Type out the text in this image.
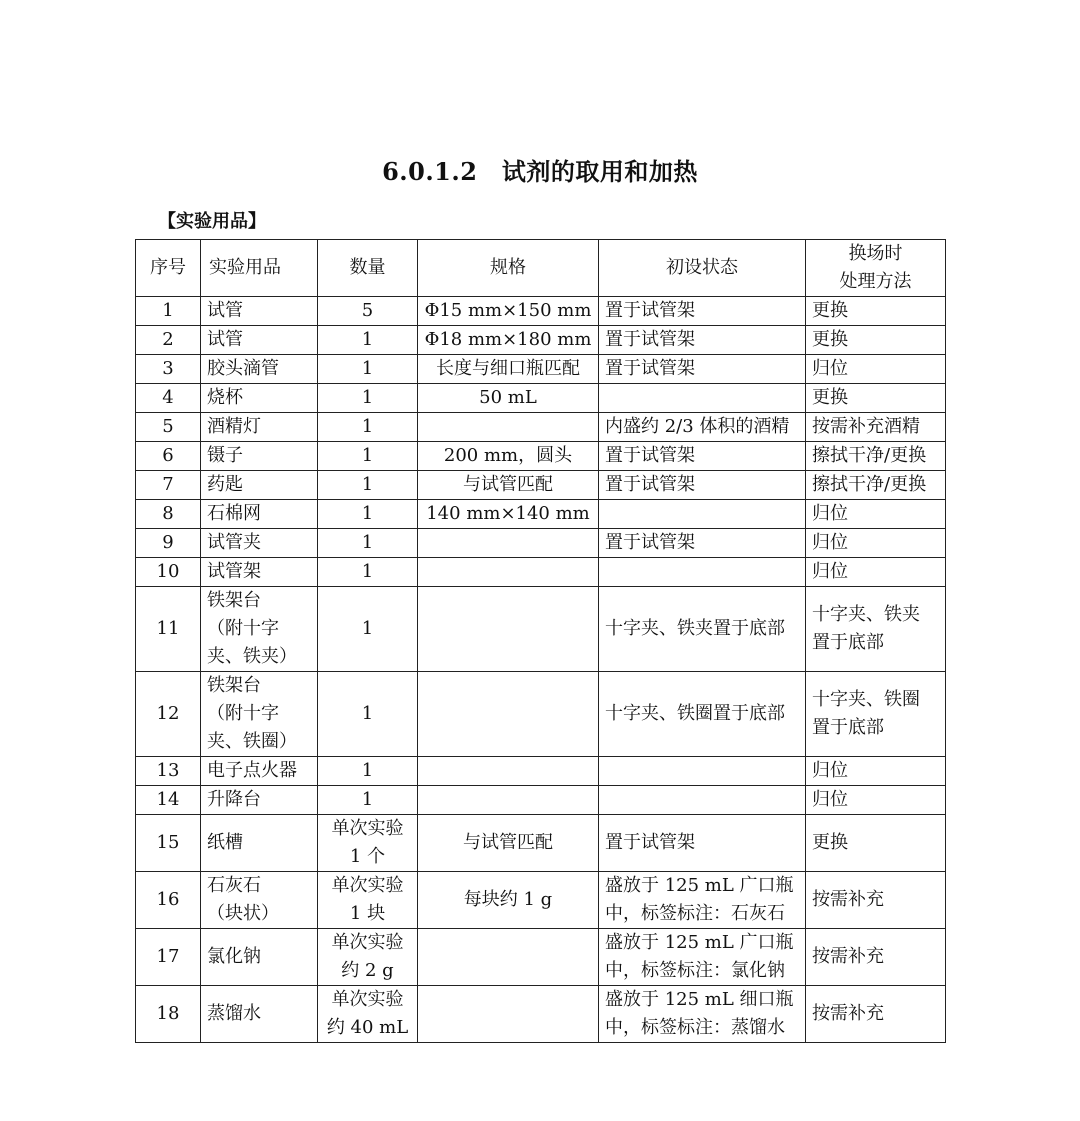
6.0.1.2　试剂的取用和加热
【实验用品】
序号	实验用品	数量	规格	初设状态	换场时
处理方法
1	试管	5	Φ15 mm×150 mm	置于试管架	更换
2	试管	1	Φ18 mm×180 mm	置于试管架	更换
3	胶头滴管	1	长度与细口瓶匹配	置于试管架	归位
4	烧杯	1	50 mL		更换
5	酒精灯	1		内盛约 2/3 体积的酒精	按需补充酒精
6	镊子	1	200 mm，圆头	置于试管架	擦拭干净/更换
7	药匙	1	与试管匹配	置于试管架	擦拭干净/更换
8	石棉网	1	140 mm×140 mm		归位
9	试管夹	1		置于试管架	归位
10	试管架	1			归位
11	铁架台
（附十字
夹、铁夹）	1		十字夹、铁夹置于底部	十字夹、铁夹
置于底部
12	铁架台
（附十字
夹、铁圈）	1		十字夹、铁圈置于底部	十字夹、铁圈
置于底部
13	电子点火器	1			归位
14	升降台	1			归位
15	纸槽	单次实验
1 个	与试管匹配	置于试管架	更换
16	石灰石
（块状）	单次实验
1 块	每块约 1 g	盛放于 125 mL 广口瓶
中，标签标注：石灰石	按需补充
17	氯化钠	单次实验
约 2 g		盛放于 125 mL 广口瓶
中，标签标注：氯化钠	按需补充
18	蒸馏水	单次实验
约 40 mL		盛放于 125 mL 细口瓶
中，标签标注：蒸馏水	按需补充
